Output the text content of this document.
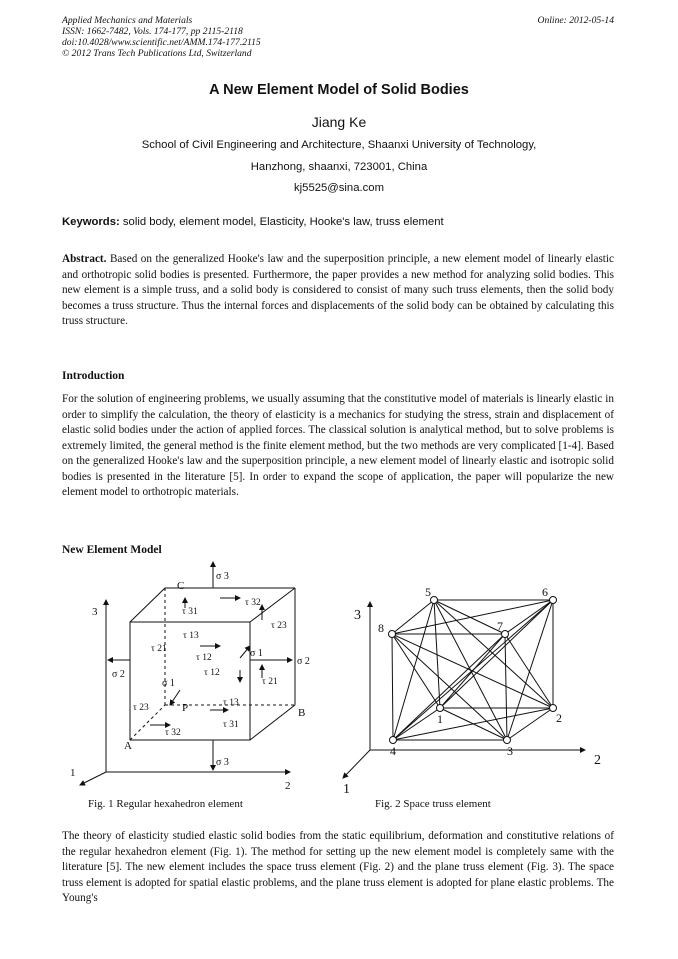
Applied Mechanics and Materials
ISSN: 1662-7482, Vols. 174-177, pp 2115-2118
doi:10.4028/www.scientific.net/AMM.174-177.2115
© 2012 Trans Tech Publications Ltd, Switzerland
Online: 2012-05-14
A New Element Model of Solid Bodies
Jiang Ke
School of Civil Engineering and Architecture, Shaanxi University of Technology,
Hanzhong, shaanxi, 723001, China
kj5525@sina.com
Keywords: solid body, element model, Elasticity, Hooke's law, truss element
Abstract. Based on the generalized Hooke's law and the superposition principle, a new element model of linearly elastic and orthotropic solid bodies is presented. Furthermore, the paper provides a new method for analyzing solid bodies. This new element is a simple truss, and a solid body is considered to consist of many such truss elements, then the solid body becomes a truss structure. Thus the internal forces and displacements of the solid body can be obtained by calculating this truss structure.
Introduction
For the solution of engineering problems, we usually assuming that the constitutive model of materials is linearly elastic in order to simplify the calculation, the theory of elasticity is a mechanics for studying the stress, strain and displacement of elastic solid bodies under the action of applied forces. The classical solution is analytical method, but to solve problems is extremely limited, the general method is the finite element method, but the two methods are very complicated [1-4]. Based on the generalized Hooke's law and the superposition principle, a new element model of linearly elastic and isotropic solid bodies is presented in the literature [5]. In order to expand the scope of application, the paper will popularize the new element model to orthotropic materials.
New Element Model
1
2
3
A
B
C
P
σ 3
σ 3
σ 1
σ 1
σ 2
σ 2
τ 32
τ 31
τ 23
τ 13
τ 21
τ 12
τ 12
τ 21
τ 23	τ 13
τ 32
τ 31
1
2
3
1	2
3
4
5	6
7
8
Fig. 1 Regular hexahedron element	Fig. 2 Space truss element
The theory of elasticity studied elastic solid bodies from the static equilibrium, deformation and constitutive relations of the regular hexahedron element (Fig. 1). The method for setting up the new element model is completely same with the literature [5]. The new element includes the space truss element (Fig. 2) and the plane truss element (Fig. 3). The space truss element is adopted for spatial elastic problems, and the plane truss element is adopted for plane elastic problems. The Young's
